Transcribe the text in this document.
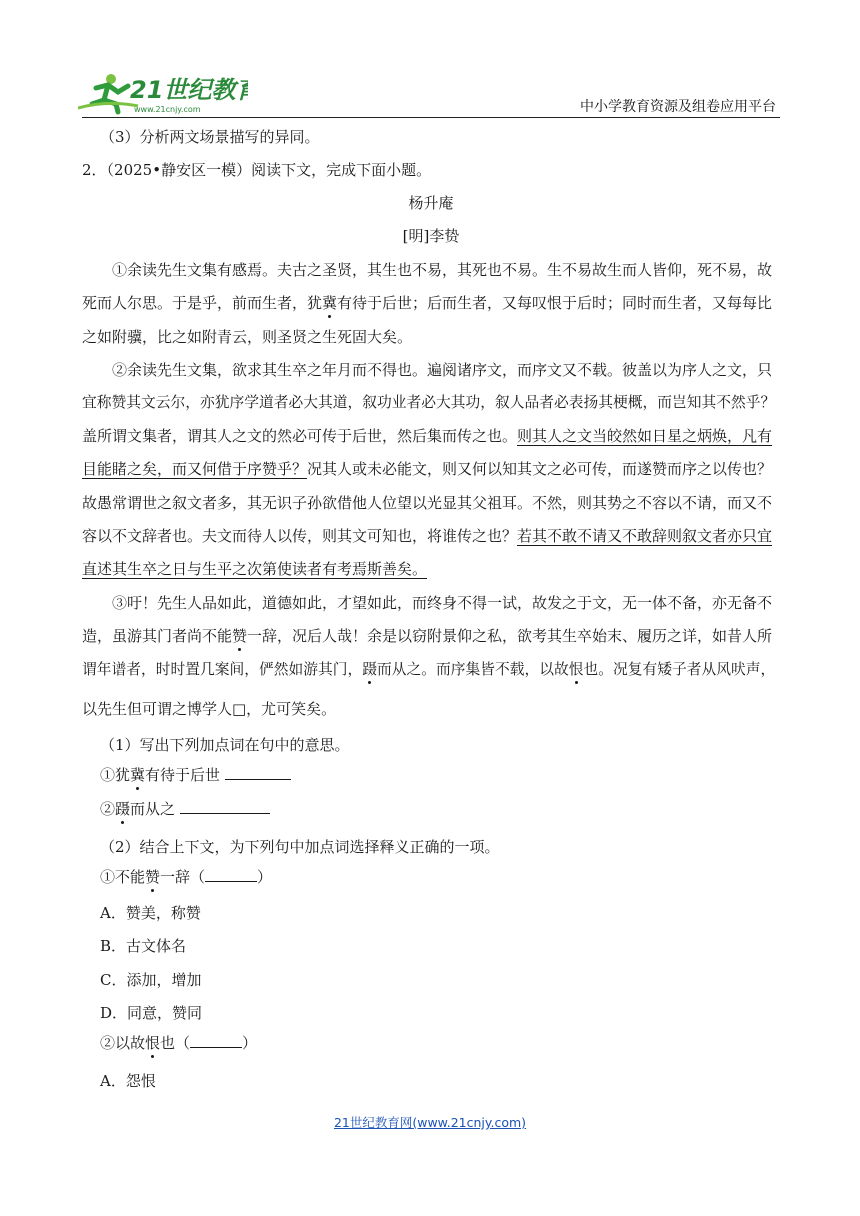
21世纪教育
www.21cnjy.com	中小学教育资源及组卷应用平台
（3）分析两文场景描写的异同。
2．（2025•静安区一模）阅读下文，完成下面小题。
杨升庵
[明]李贽
①余读先生文集有感焉。夫古之圣贤，其生也不易，其死也不易。生不易故生而人皆仰，死不易，故
死而人尔思。于是乎，前而生者，犹冀有待于后世；后而生者，又每叹恨于后时；同时而生者，又每每比
之如附骥，比之如附青云，则圣贤之生死固大矣。
②余读先生文集，欲求其生卒之年月而不得也。遍阅诸序文，而序文又不载。彼盖以为序人之文，只
宜称赞其文云尔，亦犹序学道者必大其道，叙功业者必大其功，叙人品者必表扬其梗概，而岂知其不然乎？
盖所谓文集者，谓其人之文的然必可传于后世，然后集而传之也。则其人之文当皎然如日星之炳焕，凡有
目能睹之矣，而又何借于序赞乎？况其人或未必能文，则又何以知其文之必可传，而遂赞而序之以传也？
故愚常谓世之叙文者多，其无识子孙欲借他人位望以光显其父祖耳。不然，则其势之不容以不请，而又不
容以不文辞者也。夫文而待人以传，则其文可知也，将谁传之也？若其不敢不请又不敢辞则叙文者亦只宜
直述其生卒之日与生平之次第使读者有考焉斯善矣。
③吁！先生人品如此，道德如此，才望如此，而终身不得一试，故发之于文，无一体不备，亦无备不
造，虽游其门者尚不能赞一辞，况后人哉！余是以窃附景仰之私，欲考其生卒始末、履历之详，如昔人所
谓年谱者，时时置几案间，俨然如游其门，蹑而从之。而序集皆不载，以故恨也。况复有矮子者从风吠声，
以先生但可谓之博学人□，尤可笑矣。
（1）写出下列加点词在句中的意思。
①犹冀有待于后世
②蹑而从之
（2）结合上下文，为下列句中加点词选择释义正确的一项。
①不能赞一辞（	）
A．赞美，称赞
B．古文体名
C．添加，增加
D．同意，赞同
②以故恨也（	）
A．怨恨
21世纪教育网(www.21cnjy.com)
